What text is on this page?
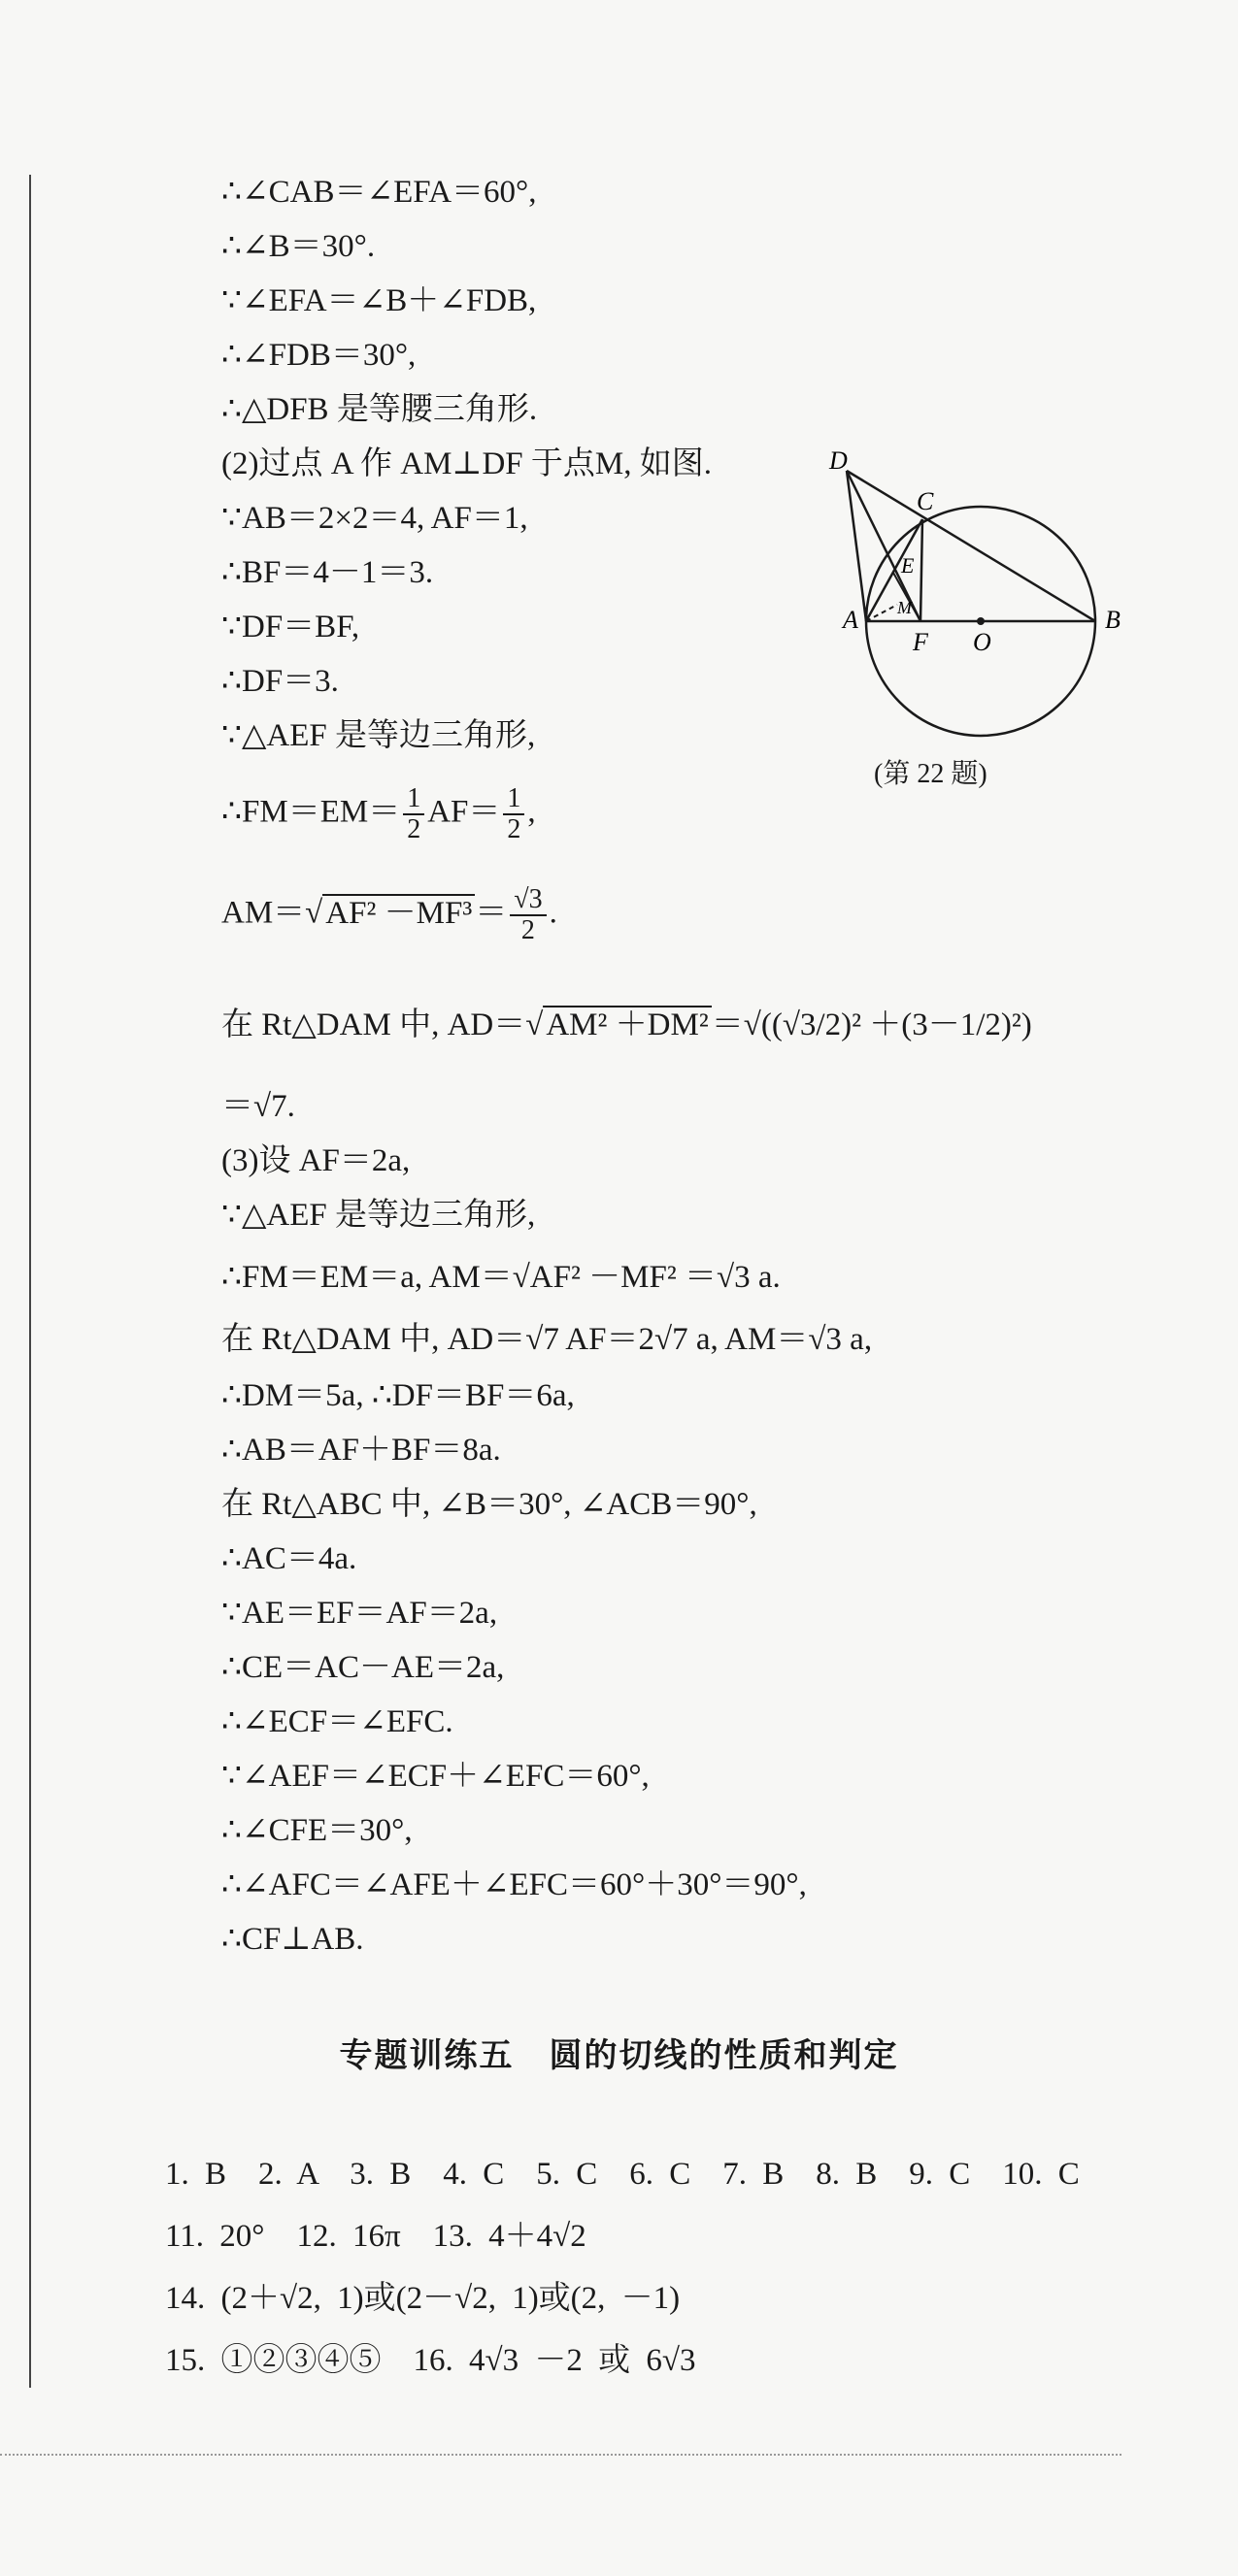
∴∠CAB＝∠EFA＝60°,
∴∠B＝30°.
∵∠EFA＝∠B＋∠FDB,
∴∠FDB＝30°,
∴△DFB 是等腰三角形.
(2)过点 A 作 AM⊥DF 于点M, 如图.
∵AB＝2×2＝4, AF＝1,
∴BF＝4－1＝3.
∵DF＝BF,
∴DF＝3.
∵△AEF 是等边三角形,
∴FM＝EM＝ $\frac{1}{2} AF= \frac{1}{2}$ ,
$AM=√AF^2 -MF^3= \frac{√3}{2}$ .
在 Rt△DAM 中, AD＝√AM² ＋DM²＝√((√3/2)² ＋(3－1/2)²)
＝√7.
(3)设 AF＝2a,
∵△AEF 是等边三角形,
∴FM＝EM＝a, AM＝√AF² －MF² ＝√3 a.
在 Rt△DAM 中, AD＝√7 AF＝2√7 a, AM＝√3 a,
∴DM＝5a, ∴DF＝BF＝6a,
∴AB＝AF＋BF＝8a.
在 Rt△ABC 中, ∠B＝30°, ∠ACB＝90°,
∴AC＝4a.
∵AE＝EF＝AF＝2a,
∴CE＝AC－AE＝2a,
∴∠ECF＝∠EFC.
∵∠AEF＝∠ECF＋∠EFC＝60°,
∴∠CFE＝30°,
∴∠AFC＝∠AFE＋∠EFC＝60°＋30°＝90°,
∴CF⊥AB.
D
C
E
M
A
F O
B
(第 22 题)
专题训练五　圆的切线的性质和判定
1. B　2. A　3. B　4. C　5. C　6. C　7. B　8. B　9. C　10. C
11. 20°　12. 16π　13. 4＋4√2
14. (2＋√2, 1)或(2－√2, 1)或(2, －1)
15. ①②③④⑤　16. 4√3 －2 或 6√3
